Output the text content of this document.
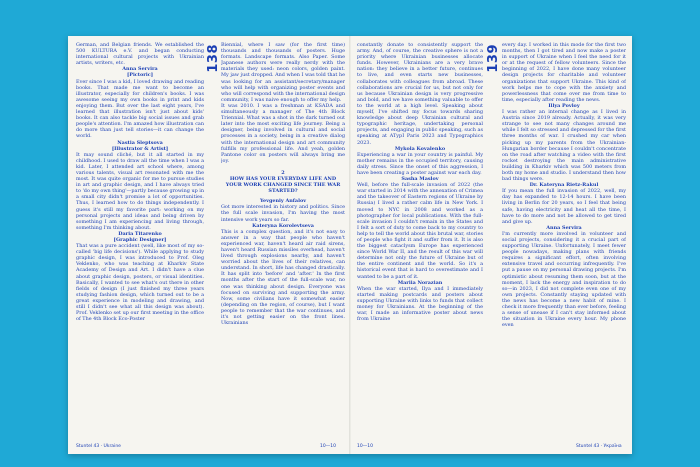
German, and Belgian friends. We established the 500 KULTURA e.V. and began conducting international cultural projects with Ukrainian artists, writers, etc.

Anna Servira

[Pictoric]

Ever since I was a kid, I loved drawing and reading books. That made me want to become an illustrator, especially for children's books. I was awesome seeing my own books in print and kids enjoying them. But over the last eight years, I've learned that illustration isn't just about kids' books. It can also tackle big social issues and grab people's attention. I'm amazed how illustration can do more than just tell stories—it can change the world.

Nastia Sleptsova

[Illustrator & Artist]

It may sound cliché, but it all started in my childhood. I used to draw all the time when I was a kid. Later, I attended art school where, among various talents, visual art resonated with me the most. It was quite organic for me to pursue studies in art and graphic design, and I have always tried to 'do my own thing'—partly because growing up in a small city didn't promise a lot of opportunities. Thus, I learned how to do things independently. I guess it's still my favorite part: working on my personal projects and ideas and being driven by something I am experiencing and living through, something I'm thinking about.

Daria Titarenko

[Graphic Designer]

That was a pure accident (well, like most of my so-called 'big life decisions'). While applying to study graphic design, I was introduced to Prof. Oleg Veklenko, who was teaching at Kharkiv State Academy of Design and Art. I didn't have a clue about graphic design, posters, or visual identities. Basically, I wanted to see what's out there in other fields of design (I just finished my three years studying fashion design, which turned out to be a great experience in modeling and drawing, and still I didn't see what all this design was about). Prof. Veklenko set up our first meeting in the office of The 4th Block Eco-Poster

138 Biennial, where I saw (for the first time) thousands and thousands of posters. Huge formats. Landscape formats. Also Paper. Some Japanese authors were really nerdy with the materials they used: neon colors, golden paint. My jaw just dropped. And when I was told that he was looking for an assistant/secretary/manager who will help with organizing poster events and who will correspond with the international design community, I was naive enough to offer my help.

It was 2010. I was a freshman at KSADA and simultaneously a manager of The 4th Block Triennial. What was a shot in the dark turned out later into the most exciting life journey. Being a designer, being involved in cultural and social processes in a society, being in a creative dialog with the international design and art community fulfills my professional life. And yeah, golden Pantone color on posters will always bring me joy.

2
HOW HAS YOUR EVERYDAY LIFE AND YOUR WORK CHANGED SINCE THE WAR STARTED?

Yevgeniy Anfalov

Got more interested in history and politics. Since the full scale invasion, I'm having the most intensive work years so far.

Kateryna Korolevtseva

This is a complex question, and it's not easy to answer in a way that people who haven't experienced war, haven't heard air raid sirens, haven't heard Russian missiles overhead, haven't lived through explosions nearby, and haven't worried about the lives of their relatives, can understand. In short, life has changed drastically. It has split into 'before' and 'after.' In the first months after the start of the full-scale war, no one was thinking about design. Everyone was focused on surviving and supporting the army. Now, some civilians have it somewhat easier (depending on the region, of course), but I want people to remember that the war continues, and it's not getting easier on the front lines. Ukrainians

Stuntel 43 · Ukraine	10—10

constantly donate to consistently support the army. And, of course, the creative sphere is not a priority where Ukrainian businesses allocate funds. However, Ukrainians are a very brave nation: they believe in a better future, continues to live, and even starts new businesses, collaborates with colleagues from abroad. These collaborations are crucial for us, but not only for us because Ukrainian design is very progressive and bold, and we have something valuable to offer to the world at a high level. Speaking about myself, I've shifted my focus towards sharing knowledge about deep Ukrainian cultural and typographic heritage, undertaking personal projects, and engaging in public speaking, such as speaking at ATypI Paris 2023 and Typographics 2023.

Mykola Kovalenko

Experiencing a war in your country is painful. My mother remains in the occupied territory, causing daily stress. Since the onset of this aggression, I have been creating a poster against war each day.

Sasha Maslov

Well, before the full-scale invasion of 2022 (the war started in 2014 with the annexation of Crimea and the takeover of Eastern regions of Ukraine by Russia) I lived a rather calm life in New York. I moved to NYC in 2008 and worked as a photographer for local publications. With the full-scale invasion I couldn't remain in the States and I felt a sort of duty to come back to my country to help to tell the world about this brutal war, stories of people who fight it and suffer from it. It is also the biggest cataclysm Europe has experienced since World War II, and the result of this war will determine not only the future of Ukraine but of the entire continent and the world. So it's a historical event that is hard to overestimate and I wanted to be a part of it.

Mariia Norazian

When the war started, Ilya and I immediately started making postcards and posters about supporting Ukraine with links to funds that collect money for Ukrainians. At the beginning of the war, I made an informative poster about news from Ukraine

139 every day. I worked in this mode for the first two months, then I got tired and now make a poster in support of Ukraine when I feel the need for it or at the request of fellow volunteers. Since the beginning of 2022, I have done many volunteer design projects for charitable and volunteer organizations that support Ukraine. This kind of work helps me to cope with the anxiety and powerlessness that come over me from time to time, especially after reading the news.

Illya Povloy

I was rather an internal change as I lived in Austria since 2019 already. Actually, it was very strange to see not many changes around me while I felt so stressed and depressed for the first three months of war. I crushed my car when picking up my parents from the Ukrainian-Hungarian border because I couldn't concentrate on the road after watching a video with the first rocket destroying the main administrative building in Kharkiv which was 500 meters from both my home and studio. I understand then how bad things were.

Dr. Kateryna Rietz-Rakul

If you mean the full invasion of 2022, well, my day has expanded to 12-14 hours. I have been living in Berlin for 20 years, so I feel that being safe, having electricity and heat all the time, I have to do more and not be allowed to get tired and give up.

Anna Servira

I'm currently more involved in volunteer and social projects, considering it a crucial part of supporting Ukraine. Unfortunately, I meet fewer people nowadays, making plans with friends requires a significant effort, often involving extensive travel and occurring infrequently. I've put a pause on my personal drawing projects. I'm optimistic about resuming them soon, but at the moment, I lack the energy and inspiration to do so—in 2023, I did not complete even one of my own projects. Constantly staying updated with the news has become a new habit of mine. I check it more frequently than ever before, feeling a sense of unease if I can't stay informed about the situation in Ukraine every hour. My phone even

10—10	Stuntel 43 · Україна
